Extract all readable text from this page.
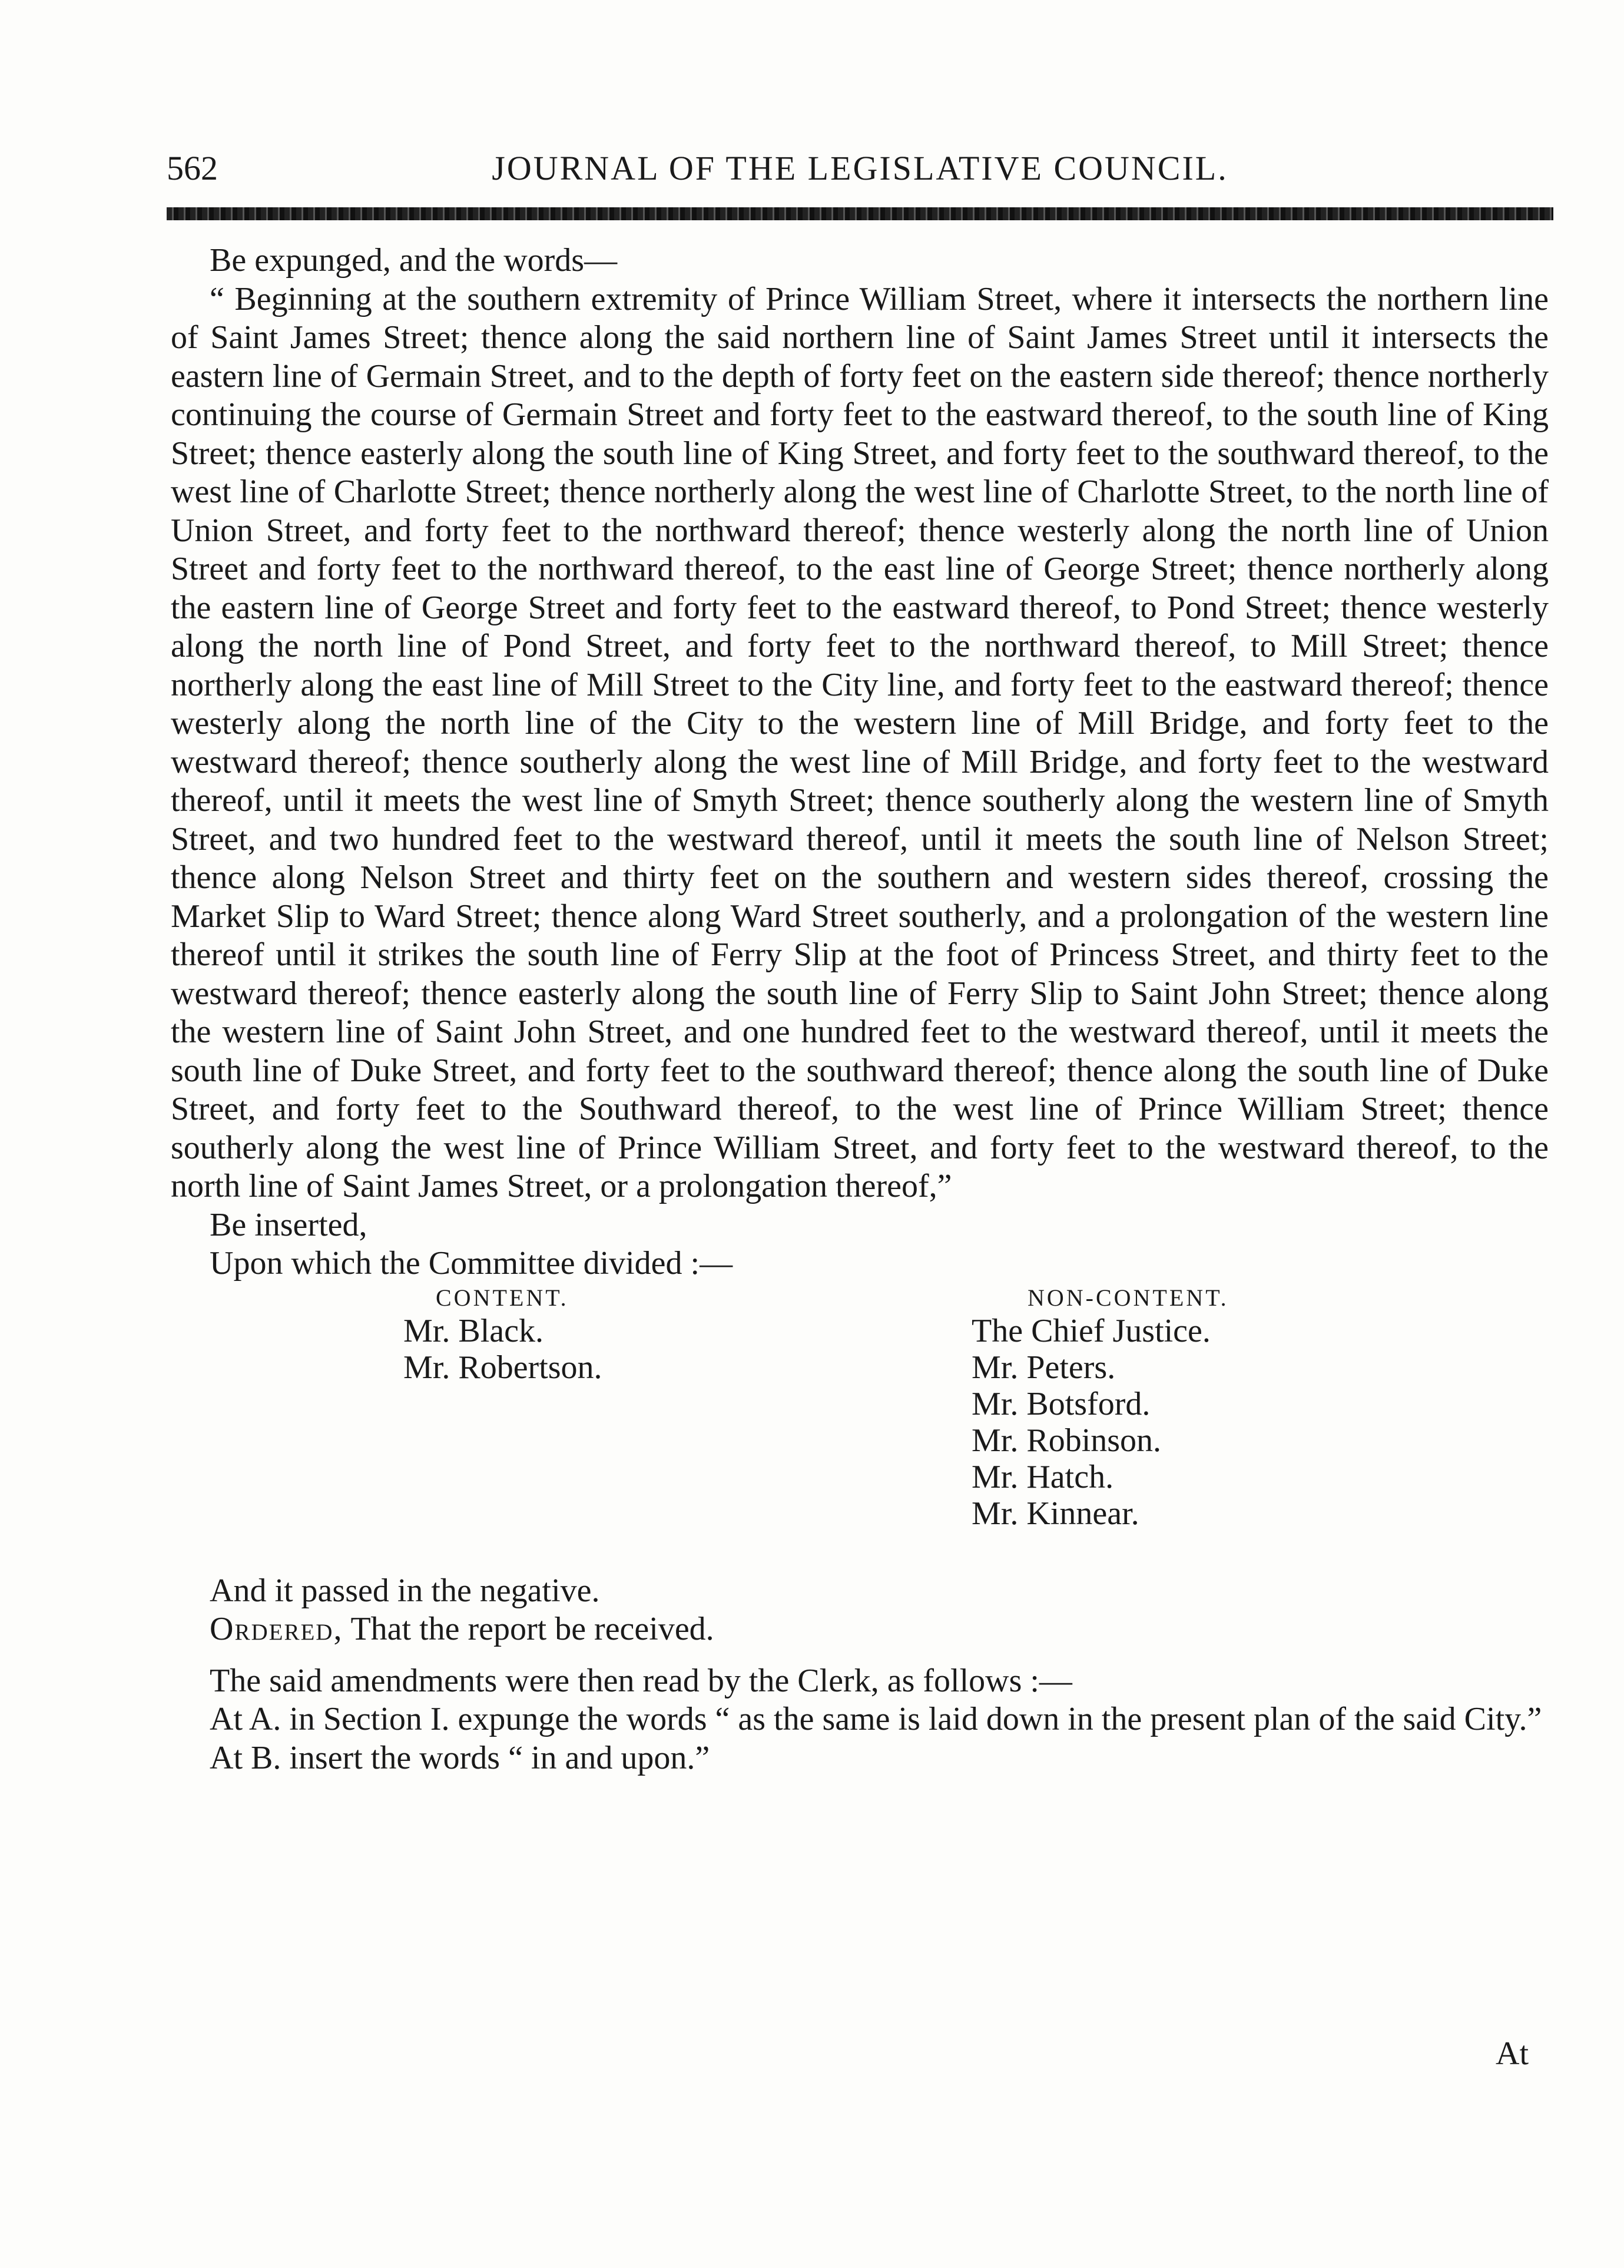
562	JOURNAL OF THE LEGISLATIVE COUNCIL.

Be expunged, and the words—

“ Beginning at the southern extremity of Prince William Street, where it intersects the northern line of Saint James Street; thence along the said northern line of Saint James Street until it intersects the eastern line of Germain Street, and to the depth of forty feet on the eastern side thereof; thence northerly continuing the course of Germain Street and forty feet to the eastward thereof, to the south line of King Street; thence easterly along the south line of King Street, and forty feet to the southward thereof, to the west line of Charlotte Street; thence northerly along the west line of Charlotte Street, to the north line of Union Street, and forty feet to the northward thereof; thence westerly along the north line of Union Street and forty feet to the northward thereof, to the east line of George Street; thence northerly along the eastern line of George Street and forty feet to the eastward thereof, to Pond Street; thence westerly along the north line of Pond Street, and forty feet to the northward thereof, to Mill Street; thence northerly along the east line of Mill Street to the City line, and forty feet to the eastward thereof; thence westerly along the north line of the City to the western line of Mill Bridge, and forty feet to the westward thereof; thence southerly along the west line of Mill Bridge, and forty feet to the westward thereof, until it meets the west line of Smyth Street; thence southerly along the western line of Smyth Street, and two hundred feet to the westward thereof, until it meets the south line of Nelson Street; thence along Nelson Street and thirty feet on the southern and western sides thereof, crossing the Market Slip to Ward Street; thence along Ward Street southerly, and a prolongation of the western line thereof until it strikes the south line of Ferry Slip at the foot of Princess Street, and thirty feet to the westward thereof; thence easterly along the south line of Ferry Slip to Saint John Street; thence along the western line of Saint John Street, and one hundred feet to the westward thereof, until it meets the south line of Duke Street, and forty feet to the southward thereof; thence along the south line of Duke Street, and forty feet to the Southward thereof, to the west line of Prince William Street; thence southerly along the west line of Prince William Street, and forty feet to the westward thereof, to the north line of Saint James Street, or a prolongation thereof,”

Be inserted,

Upon which the Committee divided :—

CONTENT.
Mr. Black.
Mr. Robertson.
NON-CONTENT.
The Chief Justice.
Mr. Peters.
Mr. Botsford.
Mr. Robinson.
Mr. Hatch.
Mr. Kinnear.

And it passed in the negative.

Ordered, That the report be received.

The said amendments were then read by the Clerk, as follows :—

At A. in Section I. expunge the words “ as the same is laid down in the present plan of the said City.”

At B. insert the words “ in and upon.”

At
